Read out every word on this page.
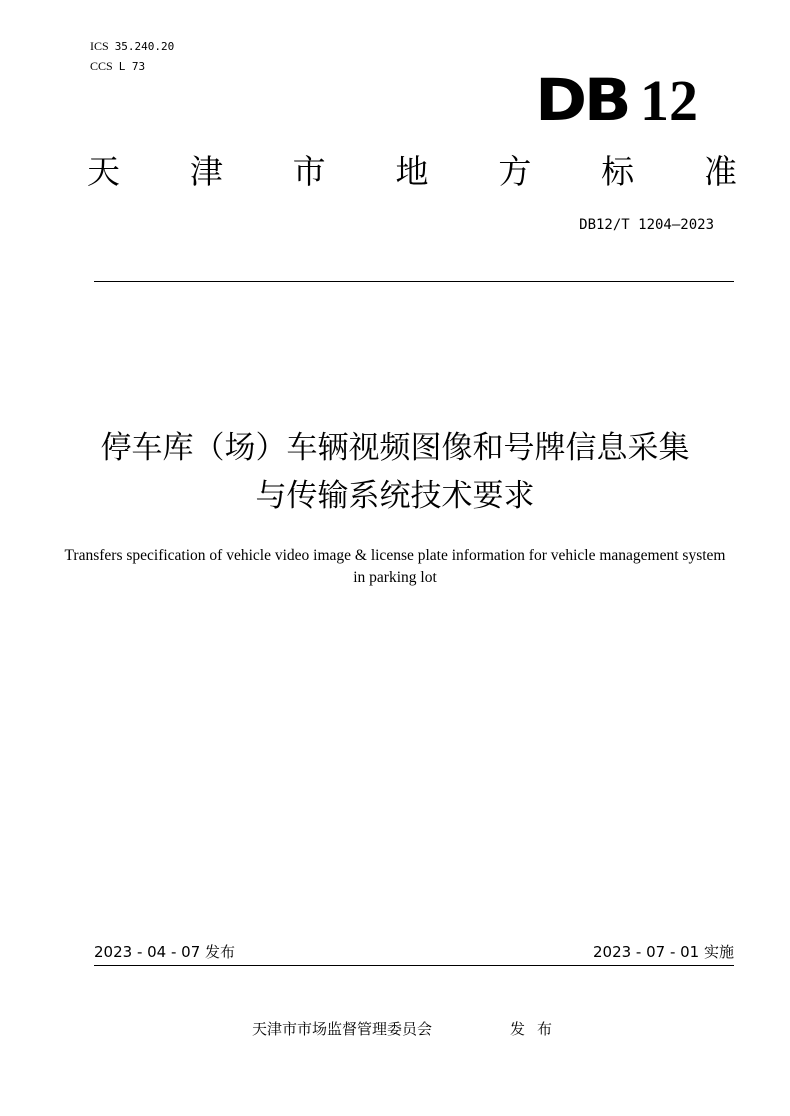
ICS 35.240.20
CCS L 73	DB 12
天 津 市 地 方 标 准
DB12/T 1204—2023
停车库（场）车辆视频图像和号牌信息采集
与传输系统技术要求
Transfers specification of vehicle video image & license plate information for vehicle management system in parking lot
2023 - 04 - 07 发布	2023 - 07 - 01 实施
天津市市场监督管理委员会	发布
